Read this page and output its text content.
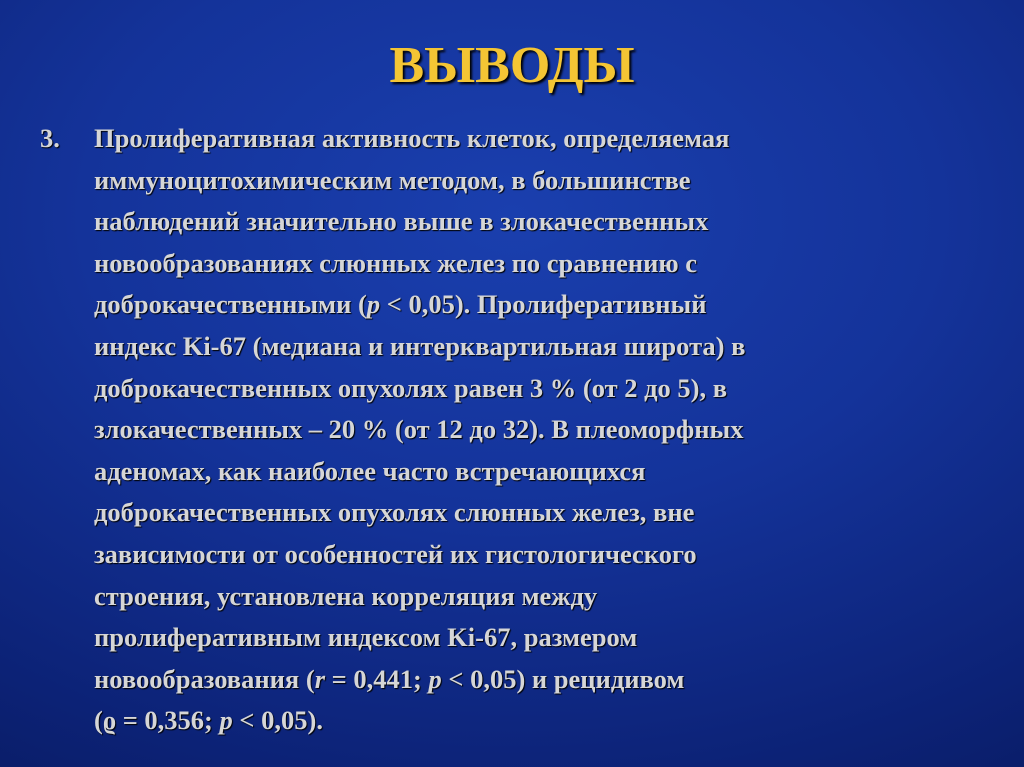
ВЫВОДЫ
3.	Пролиферативная активность клеток, определяемая
иммуноцитохимическим методом, в большинстве
наблюдений значительно выше в злокачественных
новообразованиях слюнных желез по сравнению с
доброкачественными (p < 0,05). Пролиферативный
индекс Ki-67 (медиана и интерквартильная широта) в
доброкачественных опухолях равен 3 % (от 2 до 5), в
злокачественных – 20 % (от 12 до 32). В плеоморфных
аденомах, как наиболее часто встречающихся
доброкачественных опухолях слюнных желез, вне
зависимости от особенностей их гистологического
строения, установлена корреляция между
пролиферативным индексом Ki-67, размером
новообразования (r = 0,441; p < 0,05) и рецидивом
(ϱ = 0,356; p < 0,05).
